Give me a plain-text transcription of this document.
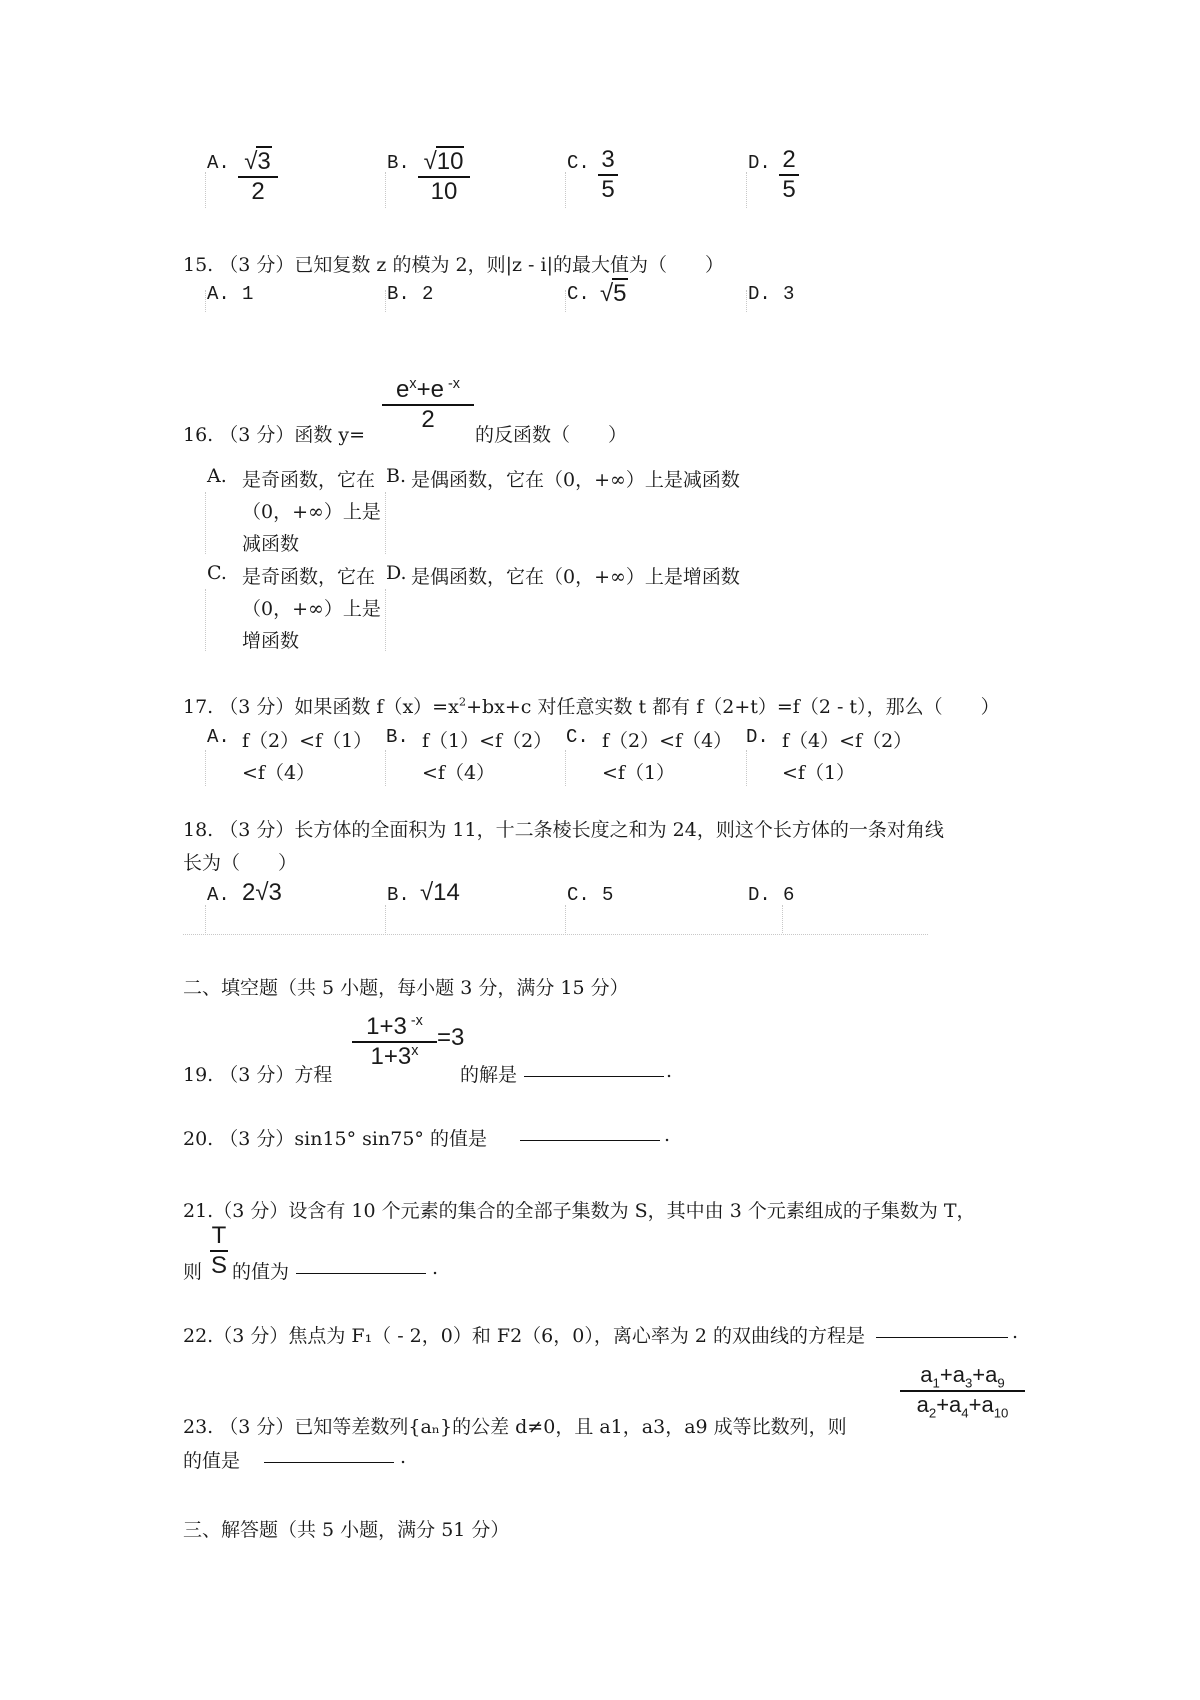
A. √3
2
B. √10
10
C. 3
5
D. 2
5
15. （3 分）已知复数 z 的模为 2，则|z - i|的最大值为（　　）
A. 1	B. 2	C. √5	D. 3
16. （3 分）函数 y=
$e^x+e$ $^{-x}$
2
的反函数（　　）
A. 是奇函数，它在
（0，+∞）上是
减函数
B. 是偶函数，它在（0，+∞）上是减函数
C. 是奇函数，它在
（0，+∞）上是
增函数
D. 是偶函数，它在（0，+∞）上是增函数
17. （3 分）如果函数 $f(x)=x^2+bx+c$ 对任意实数 t 都有 f（2+t）=f（2 - t），那么（　　）
A. f（2）<f（1）
<f（4）
B. f（1）<f（2）
<f（4）
C. f（2）<f（4）
<f（1）
D. f（4）<f（2）
<f（1）
18. （3 分）长方体的全面积为 11，十二条棱长度之和为 24，则这个长方体的一条对角线
长为（　　）
A. 2√3	B. √14	C. 5	D. 6
二、填空题（共 5 小题，每小题 3 分，满分 15 分）
19. （3 分）方程
1+3 $^{-x}$
$1+3^x =3$
的解是	.
20. （3 分）sin15° sin75° 的值是	.
21.（3 分）设含有 10 个元素的集合的全部子集数为 S，其中由 3 个元素组成的子集数为 T，
则
T
S 的值为	.
22.（3 分）焦点为 F₁（ - 2，0）和 F2（6，0），离心率为 2 的双曲线的方程是	.
23. （3 分）已知等差数列{aₙ}的公差 d≠0，且 a1，a3，a9 成等比数列，则
$a_1+a_3+a_9$
$a_2+a_4+a_{10}$
的值是	.
三、解答题（共 5 小题，满分 51 分）
